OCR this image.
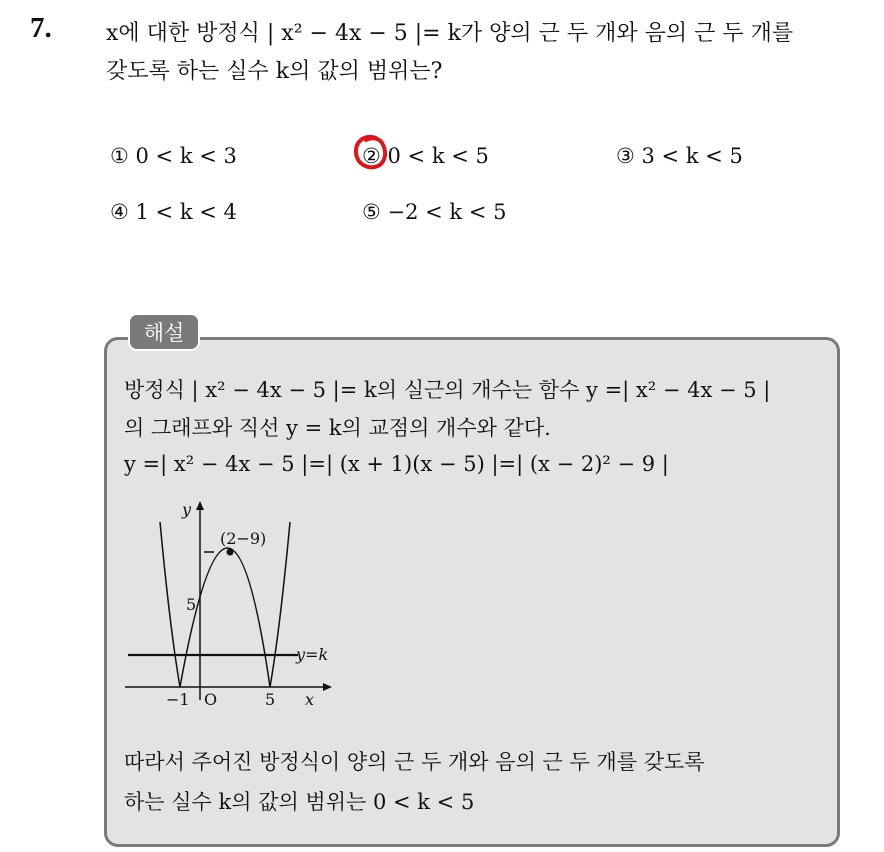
7. x에 대한 방정식 | x² − 4x − 5 |= k가 양의 근 두 개와 음의 근 두 개를
갖도록 하는 실수 k의 값의 범위는?
① 0 < k < 3	② 0 < k < 5	③ 3 < k < 5
④ 1 < k < 4	⑤ −2 < k < 5
해설
방정식 | x² − 4x − 5 |= k의 실근의 개수는 함수 y =| x² − 4x − 5 |
의 그래프와 직선 y = k의 교점의 개수와 같다.
y =| x² − 4x − 5 |=| (x + 1)(x − 5) |=| (x − 2)² − 9 |
y
(2−9)
5
y=k
−1 O	5 x
따라서 주어진 방정식이 양의 근 두 개와 음의 근 두 개를 갖도록
하는 실수 k의 값의 범위는 0 < k < 5
